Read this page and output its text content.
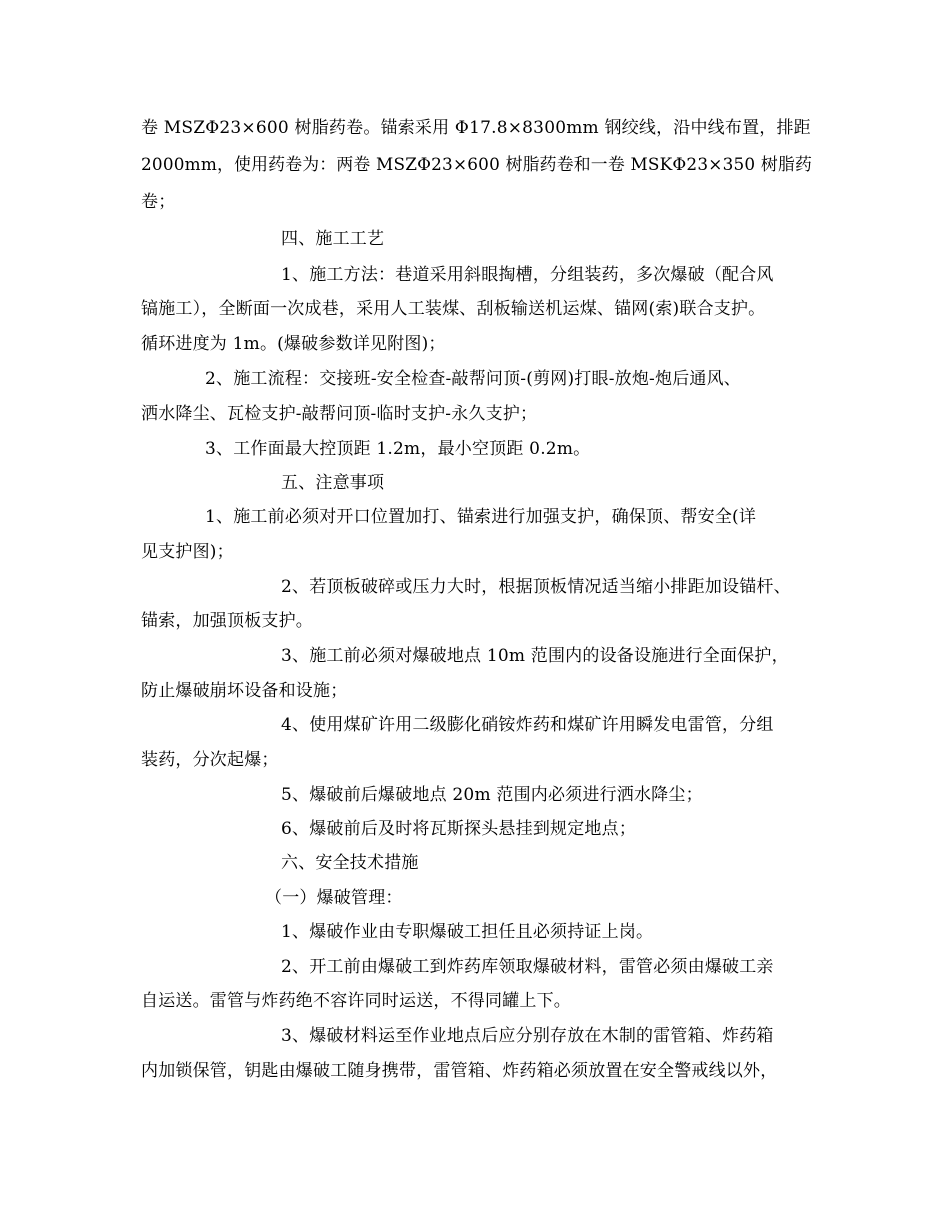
卷 MSZΦ23×600 树脂药卷。锚索采用 Φ17.8×8300mm 钢绞线，沿中线布置，排距
2000mm，使用药卷为：两卷 MSZΦ23×600 树脂药卷和一卷 MSKΦ23×350 树脂药
卷；
四、施工工艺
1、施工方法：巷道采用斜眼掏槽，分组装药，多次爆破（配合风
镐施工），全断面一次成巷，采用人工装煤、刮板输送机运煤、锚网(索)联合支护。
循环进度为 1m。(爆破参数详见附图)；
2、施工流程：交接班-安全检查-敲帮问顶-(剪网)打眼-放炮-炮后通风、
洒水降尘、瓦检支护-敲帮问顶-临时支护-永久支护；
3、工作面最大控顶距 1.2m，最小空顶距 0.2m。
五、注意事项
1、施工前必须对开口位置加打、锚索进行加强支护，确保顶、帮安全(详
见支护图)；
2、若顶板破碎或压力大时，根据顶板情况适当缩小排距加设锚杆、
锚索，加强顶板支护。
3、施工前必须对爆破地点 10m 范围内的设备设施进行全面保护，
防止爆破崩坏设备和设施；
4、使用煤矿许用二级膨化硝铵炸药和煤矿许用瞬发电雷管，分组
装药，分次起爆；
5、爆破前后爆破地点 20m 范围内必须进行洒水降尘；
6、爆破前后及时将瓦斯探头悬挂到规定地点；
六、安全技术措施
（一）爆破管理：
1、爆破作业由专职爆破工担任且必须持证上岗。
2、开工前由爆破工到炸药库领取爆破材料，雷管必须由爆破工亲
自运送。雷管与炸药绝不容许同时运送，不得同罐上下。
3、爆破材料运至作业地点后应分别存放在木制的雷管箱、炸药箱
内加锁保管，钥匙由爆破工随身携带，雷管箱、炸药箱必须放置在安全警戒线以外，
